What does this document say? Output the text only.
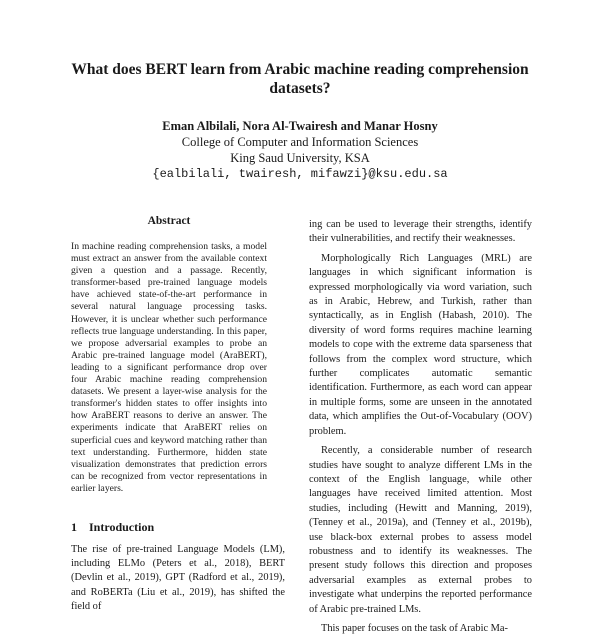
What does BERT learn from Arabic machine reading comprehension datasets?
Eman Albilali, Nora Al-Twairesh and Manar Hosny
College of Computer and Information Sciences
King Saud University, KSA
{ealbilali, twairesh, mifawzi}@ksu.edu.sa
Abstract

In machine reading comprehension tasks, a model must extract an answer from the available context given a question and a passage. Recently, transformer-based pre-trained language models have achieved state-of-the-art performance in several natural language processing tasks. However, it is unclear whether such performance reflects true language understanding. In this paper, we propose adversarial examples to probe an Arabic pre-trained language model (AraBERT), leading to a significant performance drop over four Arabic machine reading comprehension datasets. We present a layer-wise analysis for the transformer's hidden states to offer insights into how AraBERT reasons to derive an answer. The experiments indicate that AraBERT relies on superficial cues and keyword matching rather than text understanding. Furthermore, hidden state visualization demonstrates that prediction errors can be recognized from vector representations in earlier layers.

1 Introduction

The rise of pre-trained Language Models (LM), including ELMo (Peters et al., 2018), BERT (Devlin et al., 2019), GPT (Radford et al., 2019), and RoBERTa (Liu et al., 2019), has shifted the field of

ing can be used to leverage their strengths, identify their vulnerabilities, and rectify their weaknesses.

Morphologically Rich Languages (MRL) are languages in which significant information is expressed morphologically via word variation, such as in Arabic, Hebrew, and Turkish, rather than syntactically, as in English (Habash, 2010). The diversity of word forms requires machine learning models to cope with the extreme data sparseness that follows from the complex word structure, which further complicates automatic semantic identification. Furthermore, as each word can appear in multiple forms, some are unseen in the annotated data, which amplifies the Out-of-Vocabulary (OOV) problem.

Recently, a considerable number of research studies have sought to analyze different LMs in the context of the English language, while other languages have received limited attention. Most studies, including (Hewitt and Manning, 2019), (Tenney et al., 2019a), and (Tenney et al., 2019b), use black-box external probes to assess model robustness and to identify its weaknesses. The present study follows this direction and proposes adversarial examples as external probes to investigate what underpins the reported performance of Arabic pre-trained LMs.

This paper focuses on the task of Arabic Ma-
